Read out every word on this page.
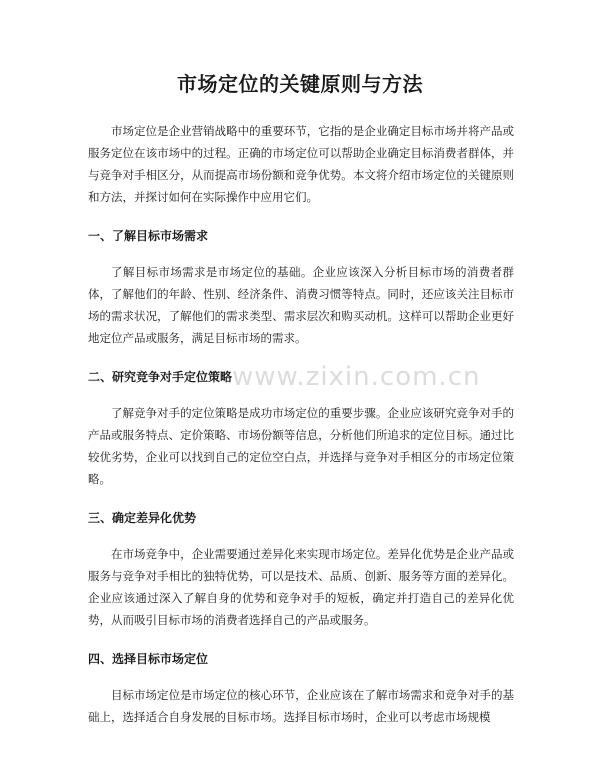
市场定位的关键原则与方法

市场定位是企业营销战略中的重要环节，它指的是企业确定目标市场并将产品或服务定位在该市场中的过程。正确的市场定位可以帮助企业确定目标消费者群体，并与竞争对手相区分，从而提高市场份额和竞争优势。本文将介绍市场定位的关键原则和方法，并探讨如何在实际操作中应用它们。

一、了解目标市场需求

了解目标市场需求是市场定位的基础。企业应该深入分析目标市场的消费者群体，了解他们的年龄、性别、经济条件、消费习惯等特点。同时，还应该关注目标市场的需求状况，了解他们的需求类型、需求层次和购买动机。这样可以帮助企业更好地定位产品或服务，满足目标市场的需求。

二、研究竞争对手定位策略

了解竞争对手的定位策略是成功市场定位的重要步骤。企业应该研究竞争对手的产品或服务特点、定价策略、市场份额等信息，分析他们所追求的定位目标。通过比较优劣势，企业可以找到自己的定位空白点，并选择与竞争对手相区分的市场定位策略。

三、确定差异化优势

在市场竞争中，企业需要通过差异化来实现市场定位。差异化优势是企业产品或服务与竞争对手相比的独特优势，可以是技术、品质、创新、服务等方面的差异化。企业应该通过深入了解自身的优势和竞争对手的短板，确定并打造自己的差异化优势，从而吸引目标市场的消费者选择自己的产品或服务。

四、选择目标市场定位

目标市场定位是市场定位的核心环节，企业应该在了解市场需求和竞争对手的基础上，选择适合自身发展的目标市场。选择目标市场时，企业可以考虑市场规模

www.zixin.com.cn
